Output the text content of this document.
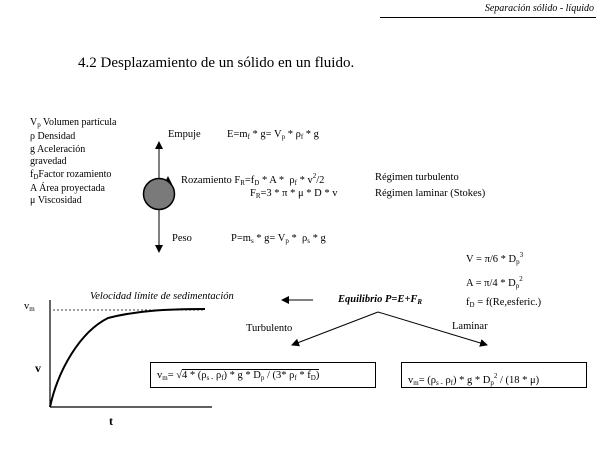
Separación sólido - líquido
4.2 Desplazamiento de un sólido en un fluido.
$V_p$ Volumen partícula
ρ Densidad
g Aceleración
gravedad
$f_DFactor$ rozamiento
A Área proyectada
μ Viscosidad
Empuje	$E=m_f * g= V_p * \rho_f * g$
Rozamiento $F_R=f_D * A * \rho_f * v^2/2$	Régimen turbulento
$F_R=3 * \pi * \mu * D * v$	Régimen laminar (Stokes)
Peso	$P=m_s * g= V_p * \rho_s * g$
$V = \pi/6 * D_p^3$
$A = \pi/4 * D_p^2$
$f_D$ = f(Re,esferic.)
Equilibrio $P=E+F_R$
Velocidad límite de sedimentación
Turbulento	Laminar
$v_m= √4 * (\rho_{s -}$ $\rho_f$) * g * $D_p / (3*$ $\rho_f * f_D$)	$v_m= (\rho_{s -}$ $\rho_f$) * g * $D_p^2 / (18 * \mu)$
$v_m$
v
t
